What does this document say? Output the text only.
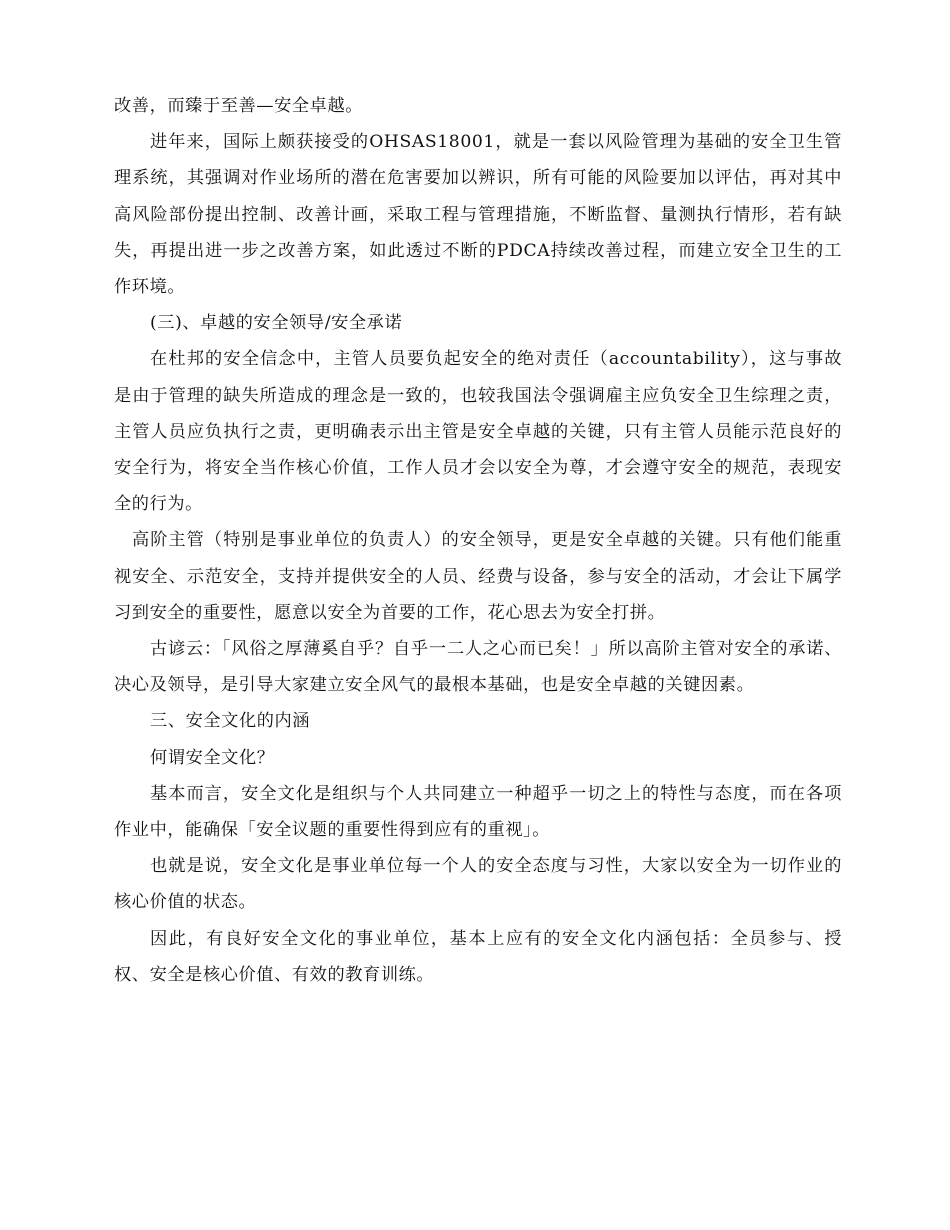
改善，而臻于至善—安全卓越。

进年来，国际上颇获接受的OHSAS18001，就是一套以风险管理为基础的安全卫生管理系统，其强调对作业场所的潜在危害要加以辨识，所有可能的风险要加以评估，再对其中高风险部份提出控制、改善计画，采取工程与管理措施，不断监督、量测执行情形，若有缺失，再提出进一步之改善方案，如此透过不断的PDCA持续改善过程，而建立安全卫生的工作环境。

(三)、卓越的安全领导/安全承诺

在杜邦的安全信念中，主管人员要负起安全的绝对责任（accountability），这与事故是由于管理的缺失所造成的理念是一致的，也较我国法令强调雇主应负安全卫生综理之责，主管人员应负执行之责，更明确表示出主管是安全卓越的关键，只有主管人员能示范良好的安全行为，将安全当作核心价值，工作人员才会以安全为尊，才会遵守安全的规范，表现安全的行为。

高阶主管（特别是事业单位的负责人）的安全领导，更是安全卓越的关键。只有他们能重视安全、示范安全，支持并提供安全的人员、经费与设备，参与安全的活动，才会让下属学习到安全的重要性，愿意以安全为首要的工作，花心思去为安全打拼。

古谚云：「风俗之厚薄奚自乎？自乎一二人之心而已矣！」所以高阶主管对安全的承诺、决心及领导，是引导大家建立安全风气的最根本基础，也是安全卓越的关键因素。

三、安全文化的内涵

何谓安全文化？

基本而言，安全文化是组织与个人共同建立一种超乎一切之上的特性与态度，而在各项作业中，能确保「安全议题的重要性得到应有的重视」。

也就是说，安全文化是事业单位每一个人的安全态度与习性，大家以安全为一切作业的核心价值的状态。

因此，有良好安全文化的事业单位，基本上应有的安全文化内涵包括：全员参与、授权、安全是核心价值、有效的教育训练。
